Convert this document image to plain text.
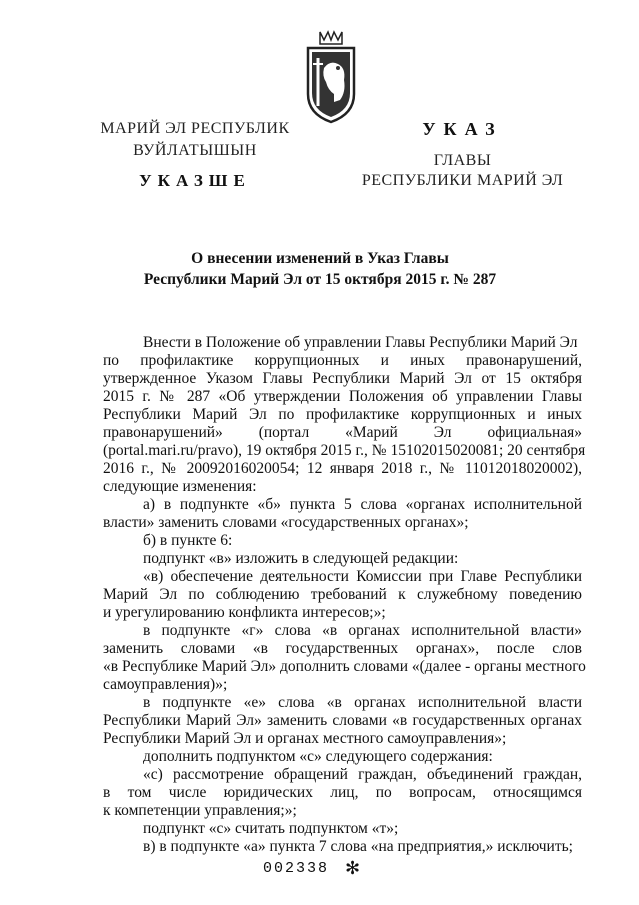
МАРИЙ ЭЛ РЕСПУБЛИК
ВУЙЛАТЫШЫН
УКАЗШЕ
УКАЗ
ГЛАВЫ
РЕСПУБЛИКИ МАРИЙ ЭЛ
О внесении изменений в Указ Главы
Республики Марий Эл от 15 октября 2015 г. № 287
Внести в Положение об управлении Главы Республики Марий Эл
по профилактике коррупционных и иных правонарушений,
утвержденное Указом Главы Республики Марий Эл от 15 октября
2015 г. № 287 «Об утверждении Положения об управлении Главы
Республики Марий Эл по профилактике коррупционных и иных
правонарушений» (портал «Марий Эл официальная»
(portal.mari.ru/pravo), 19 октября 2015 г., № 15102015020081; 20 сентября
2016 г., № 20092016020054; 12 января 2018 г., № 11012018020002),
следующие изменения:
а) в подпункте «б» пункта 5 слова «органах исполнительной
власти» заменить словами «государственных органах»;
б) в пункте 6:
подпункт «в» изложить в следующей редакции:
«в) обеспечение деятельности Комиссии при Главе Республики
Марий Эл по соблюдению требований к служебному поведению
и урегулированию конфликта интересов;»;
в подпункте «г» слова «в органах исполнительной власти»
заменить словами «в государственных органах», после слов
«в Республике Марий Эл» дополнить словами «(далее - органы местного
самоуправления)»;
в подпункте «е» слова «в органах исполнительной власти
Республики Марий Эл» заменить словами «в государственных органах
Республики Марий Эл и органах местного самоуправления»;
дополнить подпунктом «с» следующего содержания:
«с) рассмотрение обращений граждан, объединений граждан,
в том числе юридических лиц, по вопросам, относящимся
к компетенции управления;»;
подпункт «с» считать подпунктом «т»;
в) в подпункте «а» пункта 7 слова «на предприятия,» исключить;
002338 ✻
